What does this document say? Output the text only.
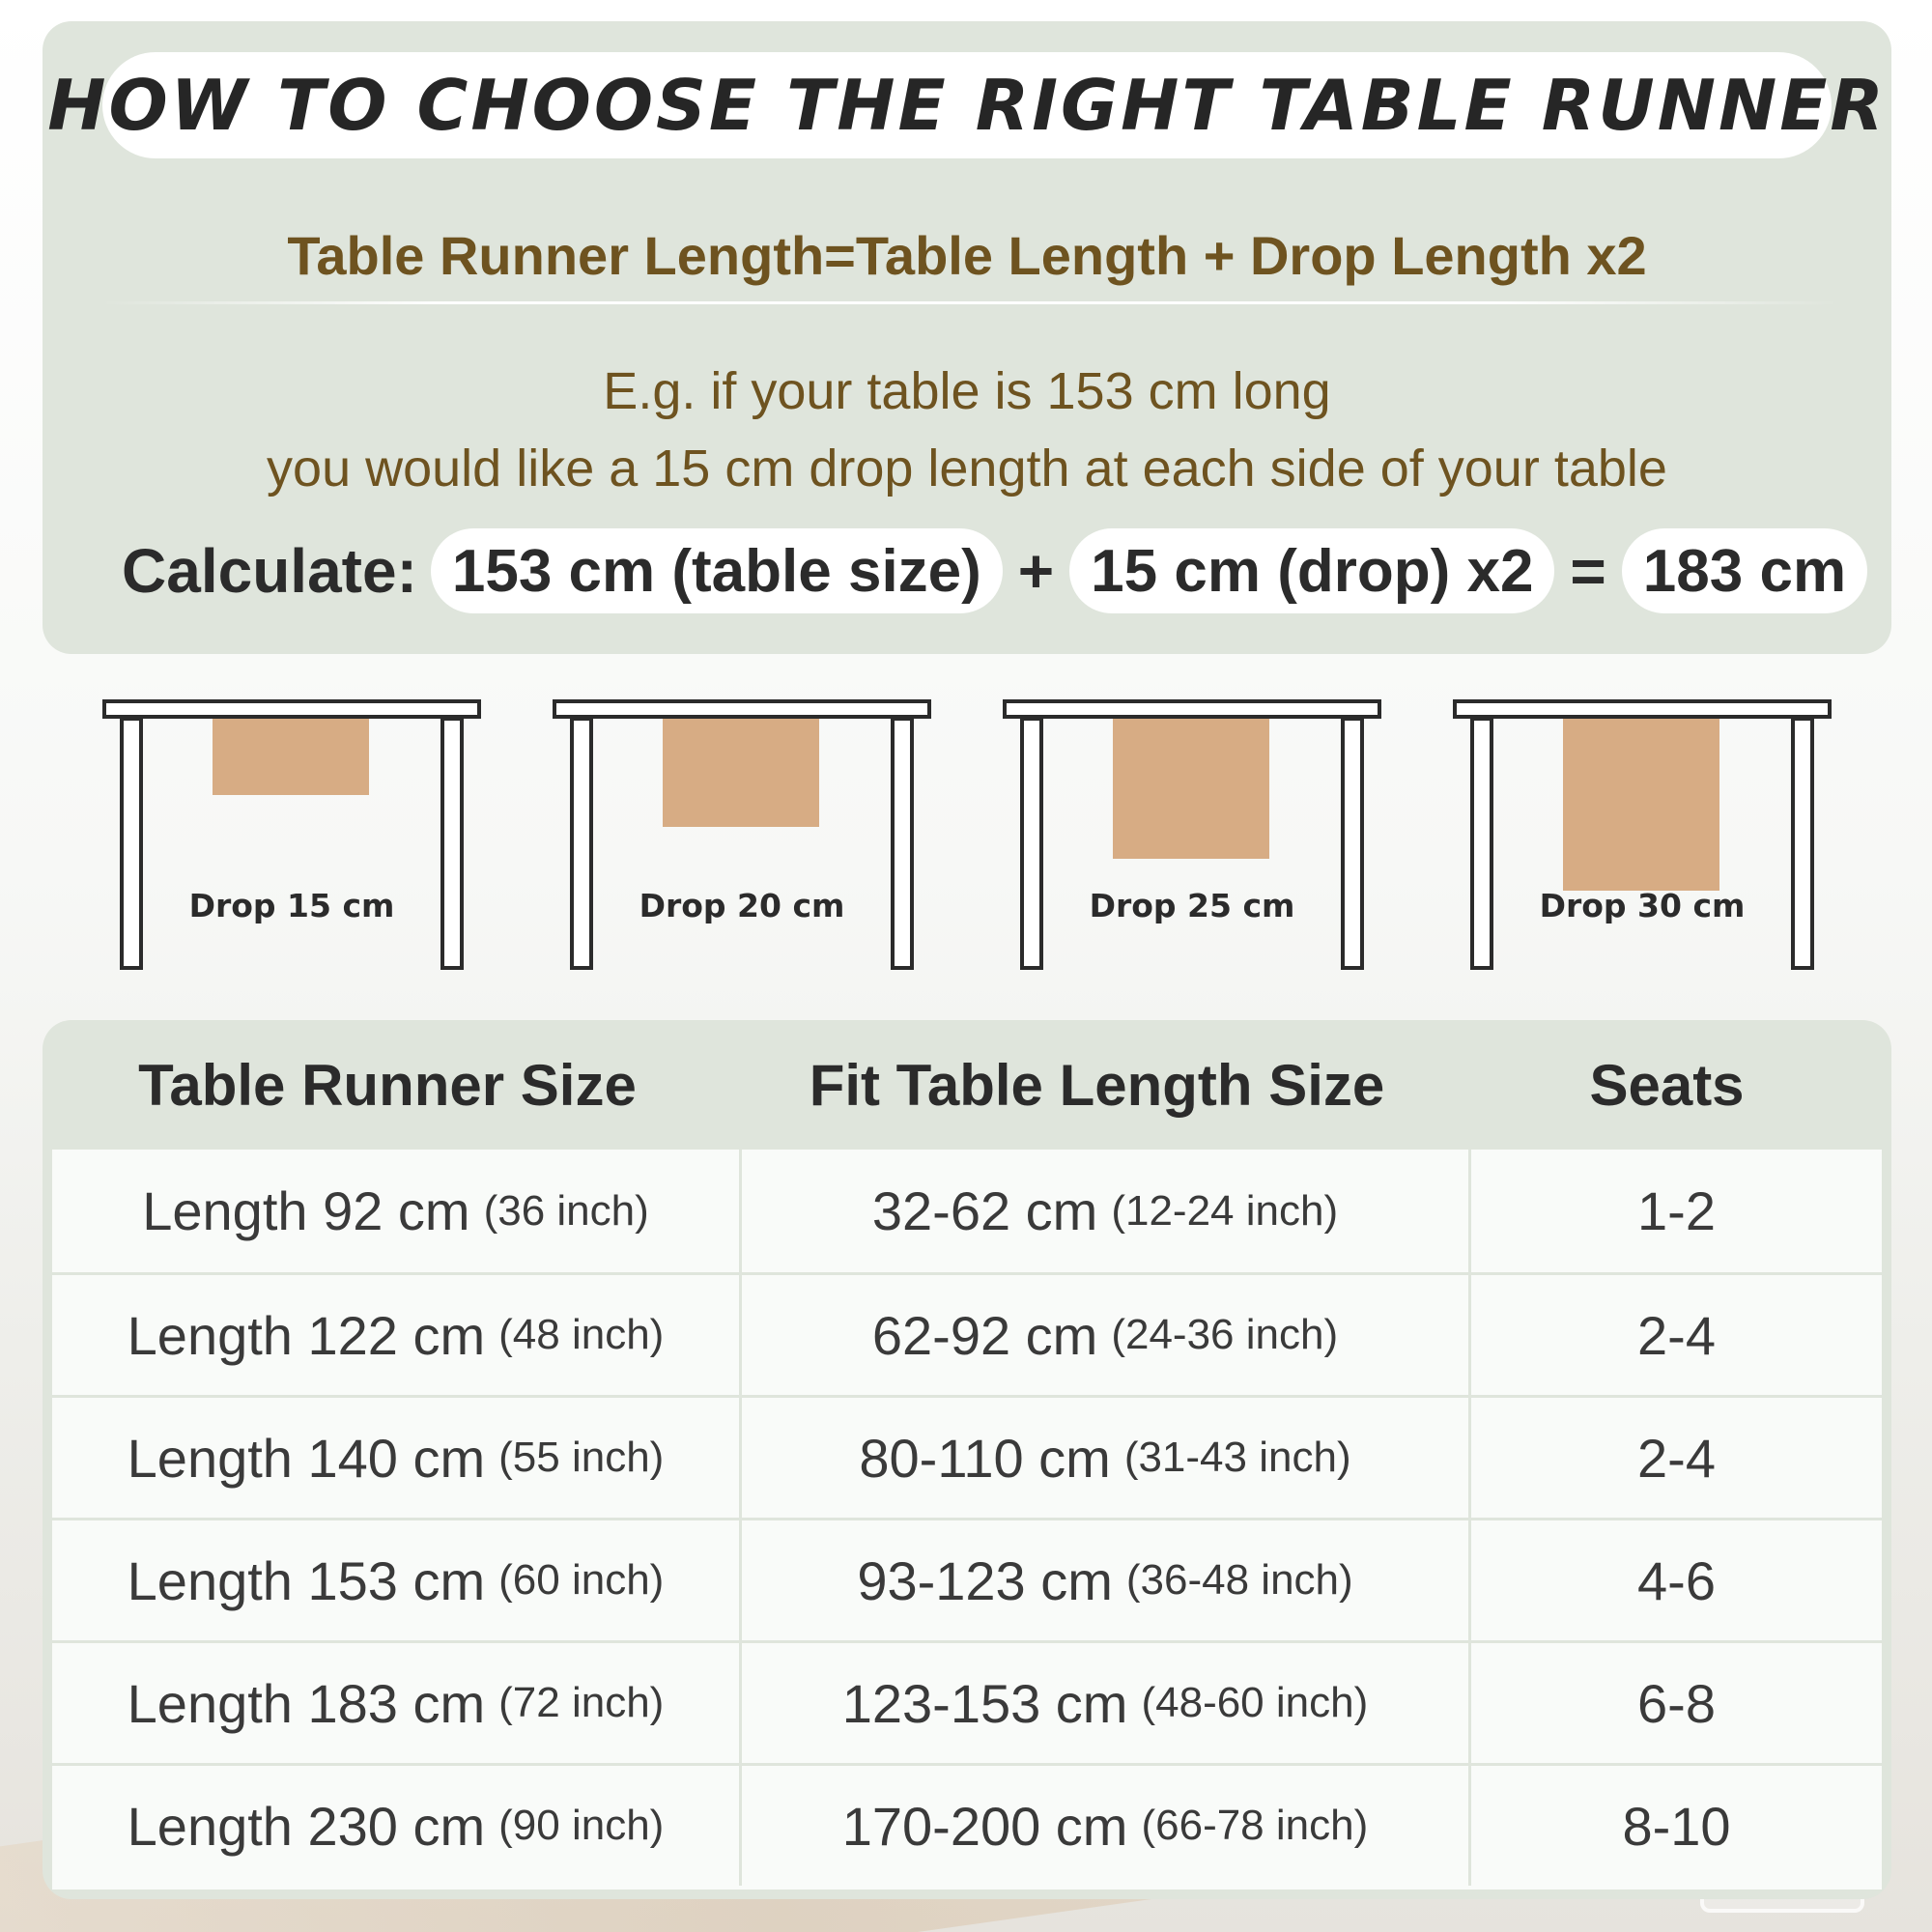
HOW TO CHOOSE THE RIGHT TABLE RUNNER
Table Runner Length=Table Length + Drop Length x2
E.g. if your table is 153 cm long
you would like a 15 cm drop length at each side of your table
Calculate: 153 cm (table size) + 15 cm (drop) x2 = 183 cm
Drop 15 cm	Drop 20 cm	Drop 25 cm	Drop 30 cm
Table Runner Size	Fit Table Length Size	Seats
Length 92 cm (36 inch)	32-62 cm (12-24 inch)	1-2
Length 122 cm (48 inch)	62-92 cm (24-36 inch)	2-4
Length 140 cm (55 inch)	80-110 cm (31-43 inch)	2-4
Length 153 cm (60 inch)	93-123 cm (36-48 inch)	4-6
Length 183 cm (72 inch)	123-153 cm (48-60 inch)	6-8
Length 230 cm (90 inch)	170-200 cm (66-78 inch)	8-10
